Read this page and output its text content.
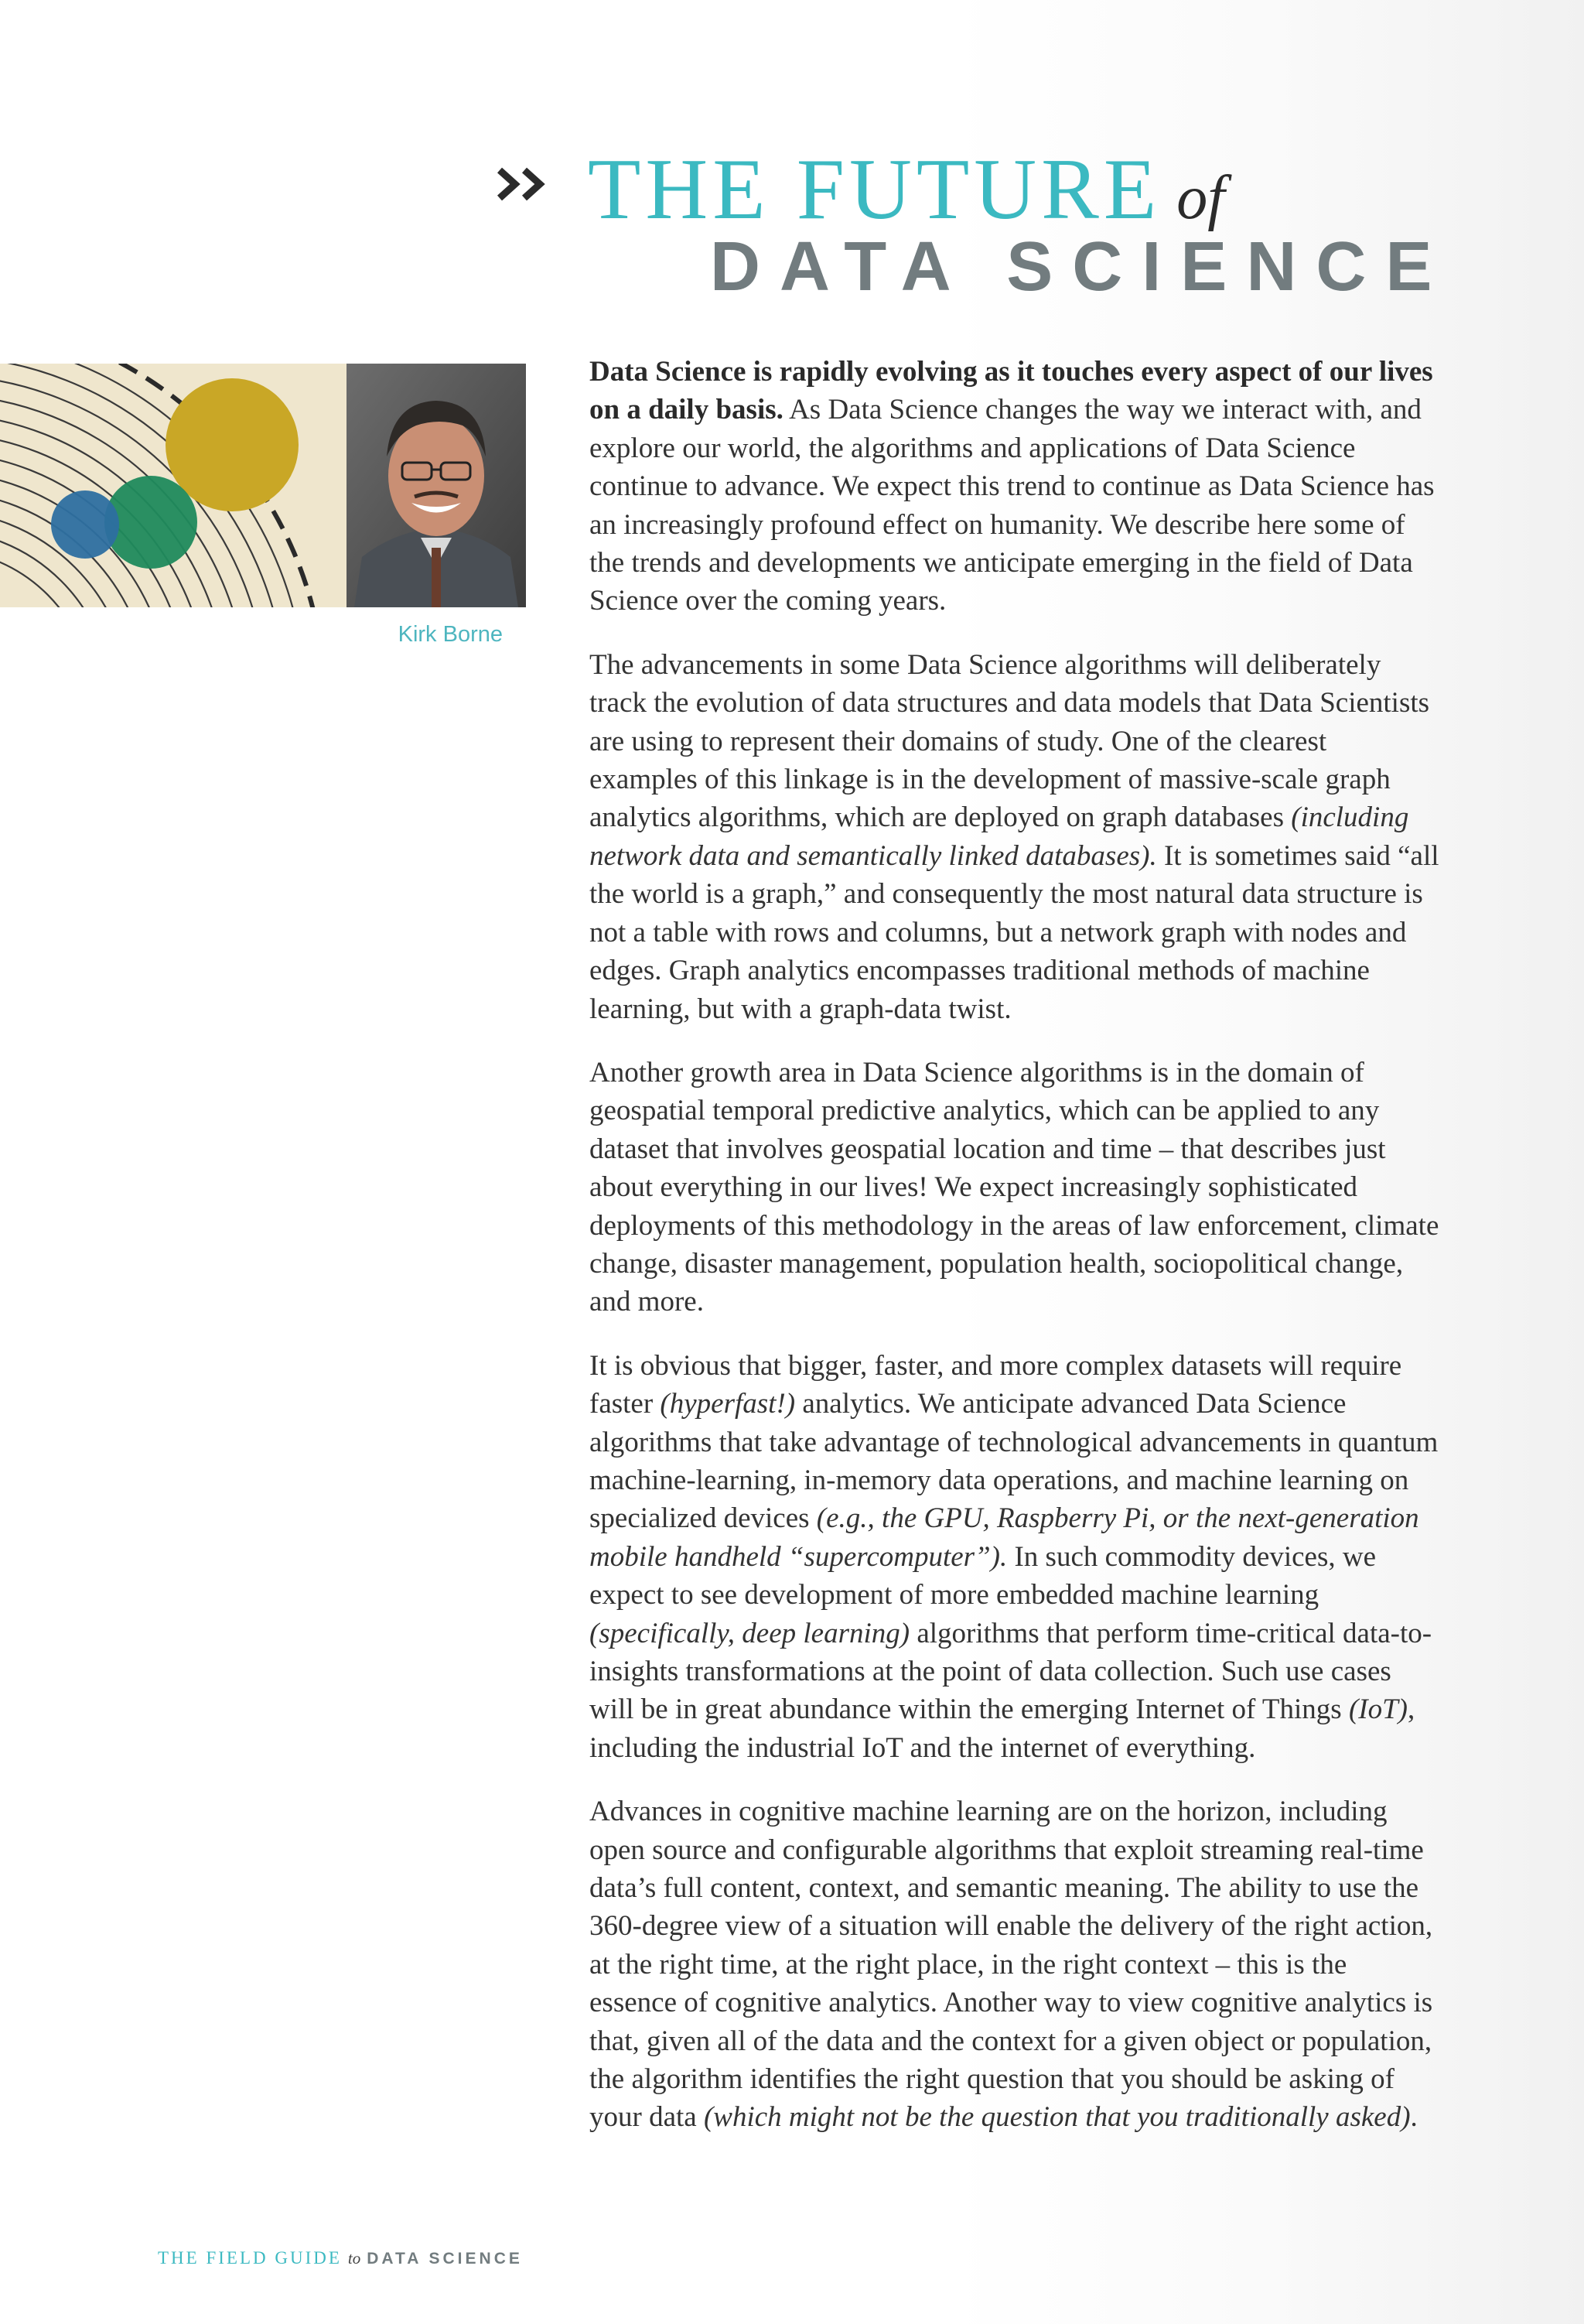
THE FUTURE of
DATA SCIENCE
Kirk Borne

Data Science is rapidly evolving as it touches every aspect of our lives on a daily basis. As Data Science changes the way we interact with, and explore our world, the algorithms and applications of Data Science continue to advance. We expect this trend to continue as Data Science has an increasingly profound effect on humanity. We describe here some of the trends and developments we anticipate emerging in the field of Data Science over the coming years.

The advancements in some Data Science algorithms will deliberately track the evolution of data structures and data models that Data Scientists are using to represent their domains of study. One of the clearest examples of this linkage is in the development of massive-scale graph analytics algorithms, which are deployed on graph databases (including network data and semantically linked databases). It is sometimes said “all the world is a graph,” and consequently the most natural data structure is not a table with rows and columns, but a network graph with nodes and edges. Graph analytics encompasses traditional methods of machine learning, but with a graph-data twist.

Another growth area in Data Science algorithms is in the domain of geospatial temporal predictive analytics, which can be applied to any dataset that involves geospatial location and time – that describes just about everything in our lives! We expect increasingly sophisticated deployments of this methodology in the areas of law enforcement, climate change, disaster management, population health, sociopolitical change, and more.

It is obvious that bigger, faster, and more complex datasets will require faster (hyperfast!) analytics. We anticipate advanced Data Science algorithms that take advantage of technological advancements in quantum machine-learning, in-memory data operations, and machine learning on specialized devices (e.g., the GPU, Raspberry Pi, or the next-generation mobile handheld “supercomputer”). In such commodity devices, we expect to see development of more embedded machine learning (specifically, deep learning) algorithms that perform time-critical data-to-insights transformations at the point of data collection. Such use cases will be in great abundance within the emerging Internet of Things (IoT), including the industrial IoT and the internet of everything.

Advances in cognitive machine learning are on the horizon, including open source and configurable algorithms that exploit streaming real-time data’s full content, context, and semantic meaning. The ability to use the 360-degree view of a situation will enable the delivery of the right action, at the right time, at the right place, in the right context – this is the essence of cognitive analytics. Another way to view cognitive analytics is that, given all of the data and the context for a given object or population, the algorithm identifies the right question that you should be asking of your data (which might not be the question that you traditionally asked).

THE FIELD GUIDE to DATA SCIENCE
